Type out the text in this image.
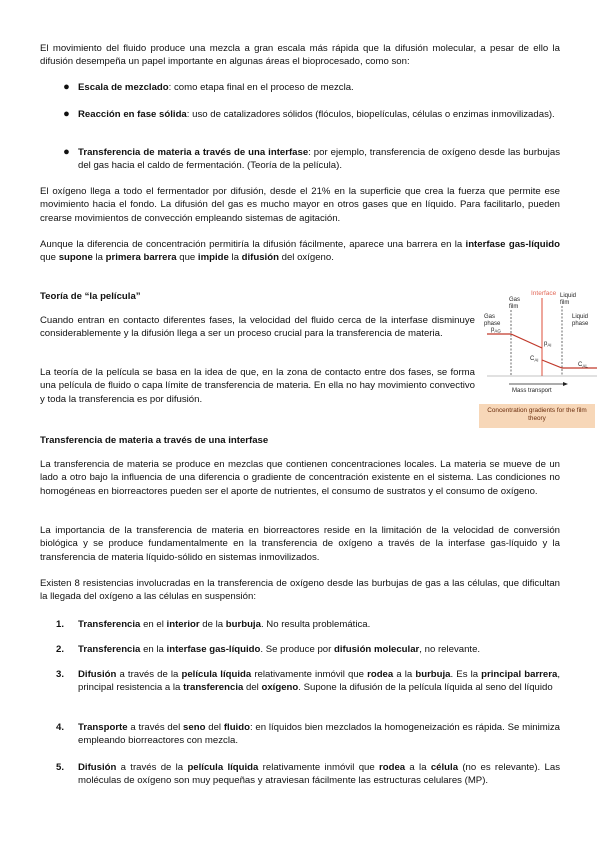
El movimiento del fluido produce una mezcla a gran escala más rápida que la difusión molecular, a pesar de ello la difusión desempeña un papel importante en algunas áreas el bioprocesado, como son:

● Escala de mezclado: como etapa final en el proceso de mezcla.

● Reacción en fase sólida: uso de catalizadores sólidos (flóculos, biopelículas, células o enzimas inmovilizadas).

● Transferencia de materia a través de una interfase: por ejemplo, transferencia de oxígeno desde las burbujas del gas hacia el caldo de fermentación. (Teoría de la película).

El oxígeno llega a todo el fermentador por difusión, desde el 21% en la superficie que crea la fuerza que permite ese movimiento hacia el fondo. La difusión del gas es mucho mayor en otros gases que en líquido. Para facilitarlo, pueden crearse movimientos de convección empleando sistemas de agitación.

Aunque la diferencia de concentración permitiría la difusión fácilmente, aparece una barrera en la interfase gas-líquido que supone la primera barrera que impide la difusión del oxígeno.

Teoría de “la película”

Cuando entran en contacto diferentes fases, la velocidad del fluido cerca de la interfase disminuye considerablemente y la difusión llega a ser un proceso crucial para la transferencia de materia.

La teoría de la película se basa en la idea de que, en la zona de contacto entre dos fases, se forma una película de fluido o capa límite de transferencia de materia. En ella no hay movimiento convectivo y toda la transferencia es por difusión.

Interface
Gas
film
Liquid
film
Gas
phase
Liquid
phase
$p_{AG}$
$p_{Ai}$
$C_{Ai}$
$C_{AL}$
Mass transport
Concentration gradients for the film theory

Transferencia de materia a través de una interfase

La transferencia de materia se produce en mezclas que contienen concentraciones locales. La materia se mueve de un lado a otro bajo la influencia de una diferencia o gradiente de concentración existente en el sistema. Las condiciones no homogéneas en biorreactores pueden ser el aporte de nutrientes, el consumo de sustratos y el consumo de oxígeno.

La importancia de la transferencia de materia en biorreactores reside en la limitación de la velocidad de conversión biológica y se produce fundamentalmente en la transferencia de oxígeno a través de la interfase gas-líquido y la transferencia de materia líquido-sólido en sistemas inmovilizados.

Existen 8 resistencias involucradas en la transferencia de oxígeno desde las burbujas de gas a las células, que dificultan la llegada del oxígeno a las células en suspensión:

1.	Transferencia en el interior de la burbuja. No resulta problemática.

2.	Transferencia en la interfase gas-líquido. Se produce por difusión molecular, no relevante.

3.	Difusión a través de la película líquida relativamente inmóvil que rodea a la burbuja. Es la principal barrera, principal resistencia a la transferencia del oxígeno. Supone la difusión de la película líquida al seno del líquido

4.	Transporte a través del seno del fluido: en líquidos bien mezclados la homogeneización es rápida. Se minimiza empleando biorreactores con mezcla.

5.	Difusión a través de la película líquida relativamente inmóvil que rodea a la célula (no es relevante). Las moléculas de oxígeno son muy pequeñas y atraviesan fácilmente las estructuras celulares (MP).
